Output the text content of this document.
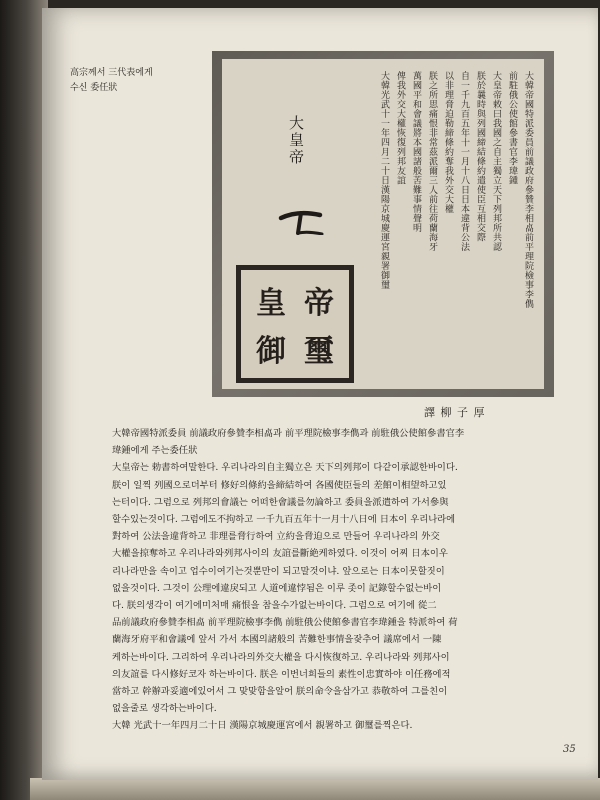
高宗께서 三代表에게
수신 委任狀	大韓帝國特派委員前議政府參贊李相卨前平理院檢事李儁
前駐俄公使館參書官李瑋鍾
大皇帝敕曰我國之自主獨立天下列邦所共認
朕於曩時與列國締結條約遣使臣互相交際
自一千九百五年十一月十八日日本違背公法
以非理脅迫勒締條約奪我外交大權
朕之所思痛恨非常茲派爾三人前往荷蘭海牙
萬國平和會議將本國諸般苦難事情聲明
俾我外交大權恢復列邦友誼
大韓光武十一年四月二十日漢陽京城慶運宮親署御璽
大皇帝
皇 帝
御 璽
譯 柳 子 厚
大韓帝國特派委員 前議政府參贊李相卨과 前平理院檢事李儁과 前駐俄公使館參書官李
瑋鍾에게 주는委任狀
大皇帝는 勅書하여말한다. 우리나라의自主獨立은 天下의列邦이 다같이承認한바이다.
朕이 일찍 列國으로더부터 修好의條約을締結하여 各國使臣들의 差館이相望하고있
는터이다. 그럼으로 列邦의會議는 어떠한會議를勿論하고 委員을派遣하여 가서參與
할수있는것이다. 그럼에도不拘하고 一千九百五年十一月十八日에 日本이 우리나라에
對하여 公法을違背하고 非理를脅行하여 立約을脅迫으로 만들어 우리나라의 外交
大權을掠奪하고 우리나라와列邦사이의 友誼를斷絶케하였다. 이것이 어찌 日本이우
리나라만을 속이고 업수이여기는것뿐만이 되고말것이냐. 앞으로는 日本이못할짓이
없을것이다. 그것이 公理에違戾되고 人道에違悖됨은 이루 좃이 記錄할수없는바이
다. 朕의생각이 여기에미처매 痛恨을 참을수가없는바이다. 그럼으로 여기에 從二
品前議政府參贊李相卨 前平理院檢事李儁 前駐俄公使館參書官李瑋鍾을 特派하여 荷
蘭海牙府平和會議에 앞서 가서 本國의諸般의 苦難한事情을잦추어 議席에서 一陳
케하는바이다. 그리하여 우리나라의外交大權을 다시恢復하고. 우리나라와 列邦사이
의友誼를 다시修好코자 하는바이다. 朕은 이번너희들의 素性이忠實하야 이任務에적
當하고 幹辦과妥適에있어서 그 맞맞함을알어 朕의命令을삼가고 恭敬하여 그를친이
없을줄로 생각하는바이다.
大韓 光武十一年四月二十日 漢陽京城慶運宮에서 親署하고 御璽를찍은다.
35
